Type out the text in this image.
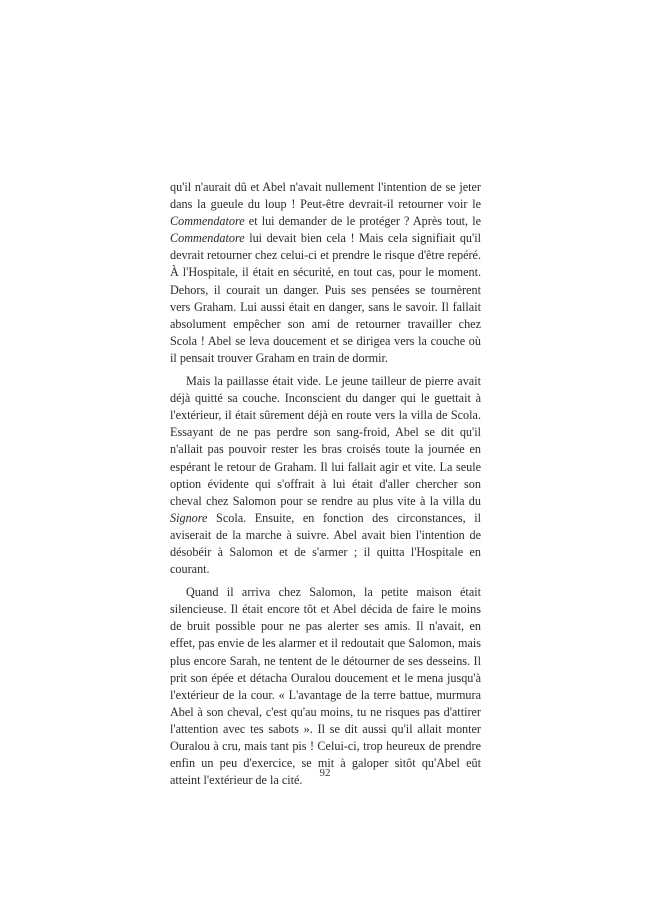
qu'il n'aurait dû et Abel n'avait nullement l'intention de se jeter dans la gueule du loup ! Peut-être devrait-il retourner voir le Commendatore et lui demander de le protéger ? Après tout, le Commendatore lui devait bien cela ! Mais cela signifiait qu'il devrait retourner chez celui-ci et prendre le risque d'être repéré. À l'Hospitale, il était en sécurité, en tout cas, pour le moment. Dehors, il courait un danger. Puis ses pensées se tournèrent vers Graham. Lui aussi était en danger, sans le savoir. Il fallait absolument empêcher son ami de retourner travailler chez Scola ! Abel se leva doucement et se dirigea vers la couche où il pensait trouver Graham en train de dormir.

Mais la paillasse était vide. Le jeune tailleur de pierre avait déjà quitté sa couche. Inconscient du danger qui le guettait à l'extérieur, il était sûrement déjà en route vers la villa de Scola. Essayant de ne pas perdre son sang-froid, Abel se dit qu'il n'allait pas pouvoir rester les bras croisés toute la journée en espérant le retour de Graham. Il lui fallait agir et vite. La seule option évidente qui s'offrait à lui était d'aller chercher son cheval chez Salomon pour se rendre au plus vite à la villa du Signore Scola. Ensuite, en fonction des circonstances, il aviserait de la marche à suivre. Abel avait bien l'intention de désobéir à Salomon et de s'armer ; il quitta l'Hospitale en courant.

Quand il arriva chez Salomon, la petite maison était silencieuse. Il était encore tôt et Abel décida de faire le moins de bruit possible pour ne pas alerter ses amis. Il n'avait, en effet, pas envie de les alarmer et il redoutait que Salomon, mais plus encore Sarah, ne tentent de le détourner de ses desseins. Il prit son épée et détacha Ouralou doucement et le mena jusqu'à l'extérieur de la cour. « L'avantage de la terre battue, murmura Abel à son cheval, c'est qu'au moins, tu ne risques pas d'attirer l'attention avec tes sabots ». Il se dit aussi qu'il allait monter Ouralou à cru, mais tant pis ! Celui-ci, trop heureux de prendre enfin un peu d'exercice, se mit à galoper sitôt qu'Abel eût atteint l'extérieur de la cité.

92
